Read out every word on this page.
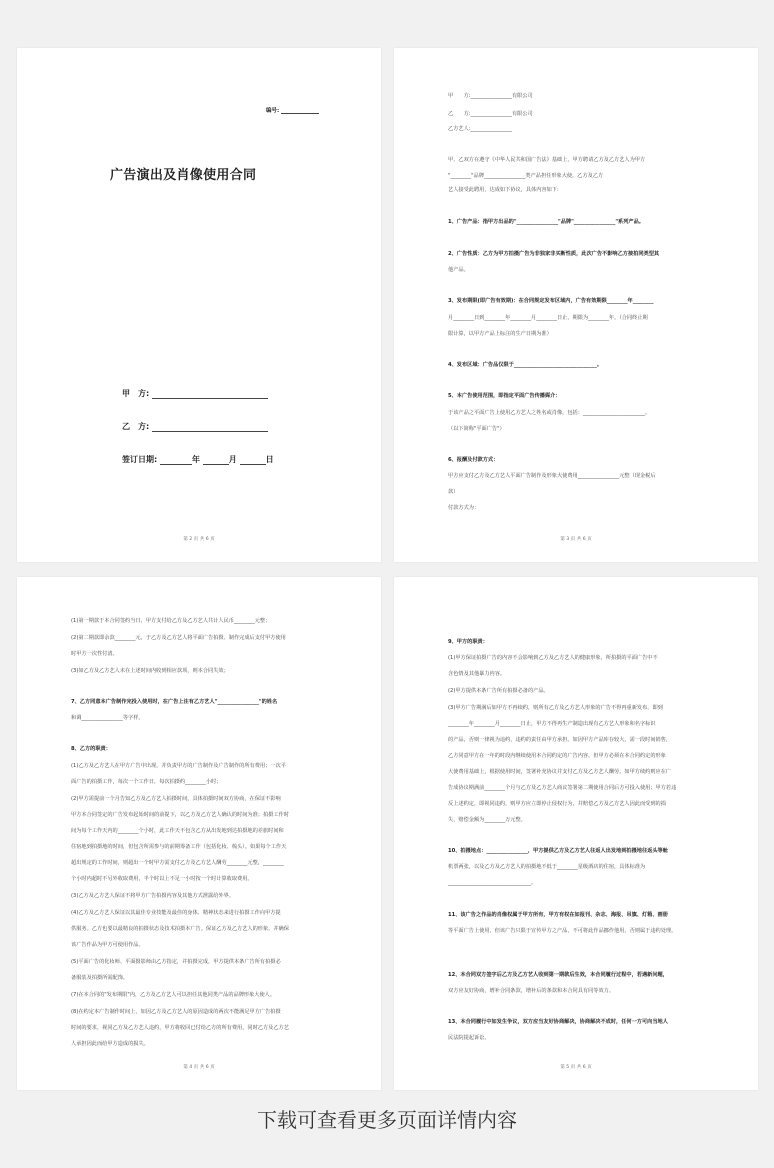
编号:
广告演出及肖像使用合同
甲　方:
乙　方:
签订日期:	年	月	日
第 2 页 共 6 页
甲　　方:________________有限公司
乙　　方:________________有限公司
乙方艺人:________________
甲、乙双方在遵守《中华人民共和国广告法》基础上，甲方聘请乙方及乙方艺人为甲方
"________"品牌________________类产品担任形象大使，乙方及乙方
艺人接受此聘用，达成如下协议，具体内容如下:
1、广告产品：指甲方出品的"________________"品牌"________________"系列产品。
2、广告性质：乙方为甲方拍摄广告为非独家非买断性质，此次广告不影响乙方接拍同类型其
他产品。
3、发布期限(即广告有效期)：在合同规定发布区域内，广告有效期限________年________
月________日到________年________月________日止，期限为________年。（合同终止期
限计算，以甲方产品上标注的生产日期为准）
4、发布区域：广告品仅限于________________________________。
5、本广告使用范围，即指定平面广告传播媒介：
于该产品之平面广告上使用乙方艺人之姓名或肖像，包括：________________________。
（以下简称"平面广告"）
6、报酬及付款方式：
甲方应支付乙方及乙方艺人平面广告制作及形象大使费用________________元整（现金税后
款）
付款方式为：
第 3 页 共 6 页
(1)第一期款于本合同签约当日，甲方支付给乙方及乙方艺人共计人民币________元整；
(2)第二期款即余款________元，于乙方及乙方艺人将平面广告拍摄、制作完成后支付甲方使用
时甲方一次性付清。
(3)如乙方及乙方艺人未在上述时间内收到相应款项，则本合同失效；
7、乙方同意本广告制作完投入使用时，在广告上注有乙方艺人"________________"的姓名
和调________________等字样。
8、乙方的职责：
(1)乙方及乙方艺人在甲方广告中出现，并负责甲方的广告制作及广告制作的所有费用；一次平
面广告的拍摄工作，每次一个工作日，每次拍摄约________小时；
(2)甲方需提前一个月告知乙方及乙方艺人拍摄时间，具体拍摄时间双方协商，在保证不影响
甲方本合同签定的广告发布起始时间的前提下，以乙方及乙方艺人确认的时间为准；拍摄工作时
间为每个工作天内的________个小时，此工作天不包含乙方从出发地到达拍摄地的差旅时间和
住宿地到拍摄地的时间，但包含所需参与的前期筹备工作（包括化妆、梳头）。如果每个工作天
超出规定的工作时间，则超出一个时甲方需支付乙方及乙方艺人酬劳________元整，________
个小时内超时不另外收取费用，半个时以上不足一小时按一个时计算收取费用。
(3)乙方及乙方艺人保证不将甲方广告拍摄内容及其他方式泄露给外界。
(4)乙方及乙方艺人保证以其最佳专业技能及最佳的身体、精神状态来进行拍摄工作向甲方提
供服务。乙方也要以最精良的拍摄状态及技术拍摄本广告。保证乙方及乙方艺人的形象，并确保
该广告作品为甲方可使用作品。
(5)平面广告的化妆师、平面摄影师由乙方指定，并拍摄完成，甲方提供本条广告所有拍摄必
备服装及拍摄所需配饰。
(7)在本合同的"发布期限"内，乙方及乙方艺人可以担任其他同类产品的品牌形象大使人。
(8)在约定本广告制作时间上，如因乙方及乙方艺人的原因造成的两次不能满足甲方广告拍摄
时间的要求，视同乙方及乙方艺人违约，甲方将收回已付给乙方的所有费用，同时乙方及乙方艺
人承担因此而给甲方造成的损失。
第 4 页 共 6 页
9、甲方的职责：
(1)甲方保证拍摄广告的内容不会影响到乙方及乙方艺人的健康形象，所拍摄的平面广告中不
含色情及其他暴力内容。
(2)甲方提供本条广告所有拍摄必备的产品。
(3)甲方广告期满后如甲方不再续约，则所有乙方及乙方艺人形象的广告不得再重新发布，即到
________年________月________日止，甲方不得再生产制造出现有乙方艺人形象和名字标识
的产品，否则一律视为违约，违约的责任由甲方承担。如因甲方产品库存较大，需一段时间销售，
乙方同意甲方在一年的时段内继续使用本合同约定的广告内容，但甲方必须在本合同约定的形象
大使费用基础上，根据使用时间，签署补充协议并支付乙方及乙方艺人酬劳。如甲方续约则应在广
告成协议期满前________个月与乙方及乙方艺人商议签署第二期使用合同后方可投入使用；甲方若违
反上述约定，即视同违约，则甲方应立即停止侵权行为，并赔偿乙方及乙方艺人因此而受到的损
失，赔偿金额为________万元整。
10、拍摄地点：________________，甲方提供乙方及乙方艺人往返人出发地到拍摄地往返头等舱
机票两张，以及乙方及乙方艺人的拍摄地不低于________星级酒店的住宿，具体标准为
________________________________。
11、该广告之作品的肖像权属于甲方所有，甲方有权在如报刊、杂志、海报、吊旗、灯箱、画册
等平面广告上使用，但该广告只限于宣传甲方之产品，不可将此作品挪作他用，否则属于违约处理。
12、本合同双方签字后乙方及乙方艺人收到第一期款后生效，本合同履行过程中，若遇新问题，
双方应友好协商，增补合同条款，增补后的条款和本合同具有同等效力。
13、本合同履行中如发生争议，双方应当友好协商解决，协商解决不成时，任何一方可向当地人
民法院提起诉讼。
第 5 页 共 6 页
下载可查看更多页面详情内容
